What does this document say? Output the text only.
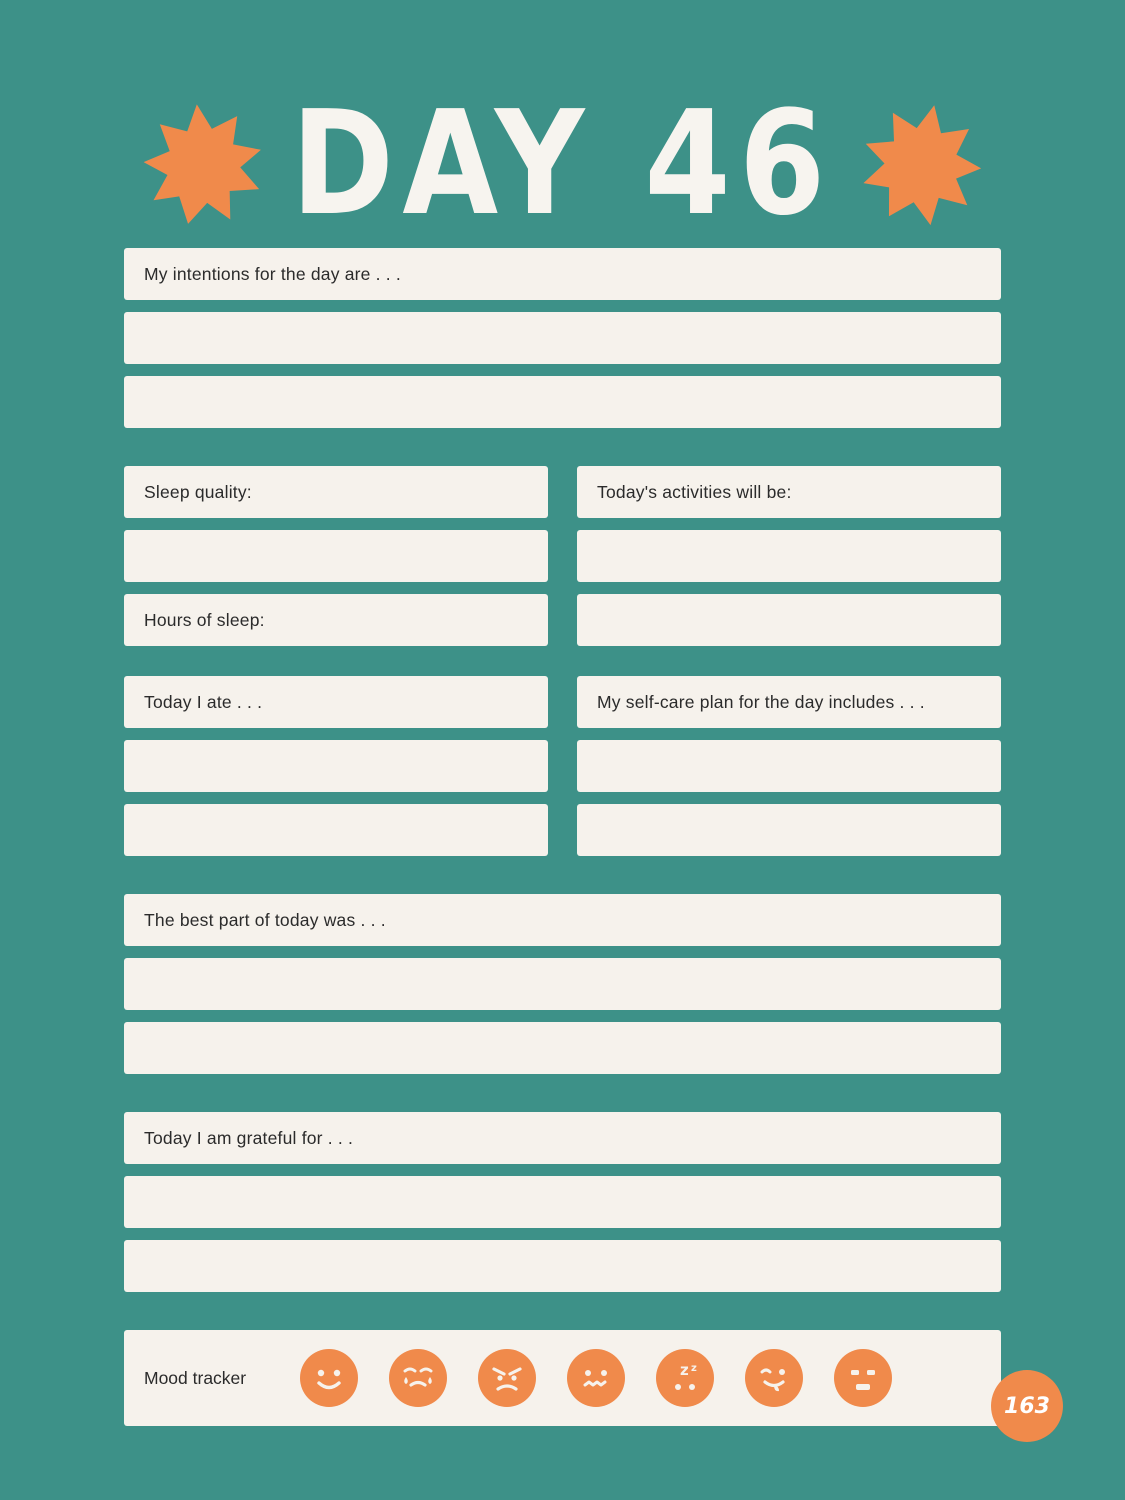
DAY 46
My intentions for the day are . . .
Sleep quality:
Hours of sleep:
Today's activities will be:
Today I ate . . .	My self-care plan for the day includes . . .
The best part of today was . . .
Today I am grateful for . . .
Mood tracker	z z
163
